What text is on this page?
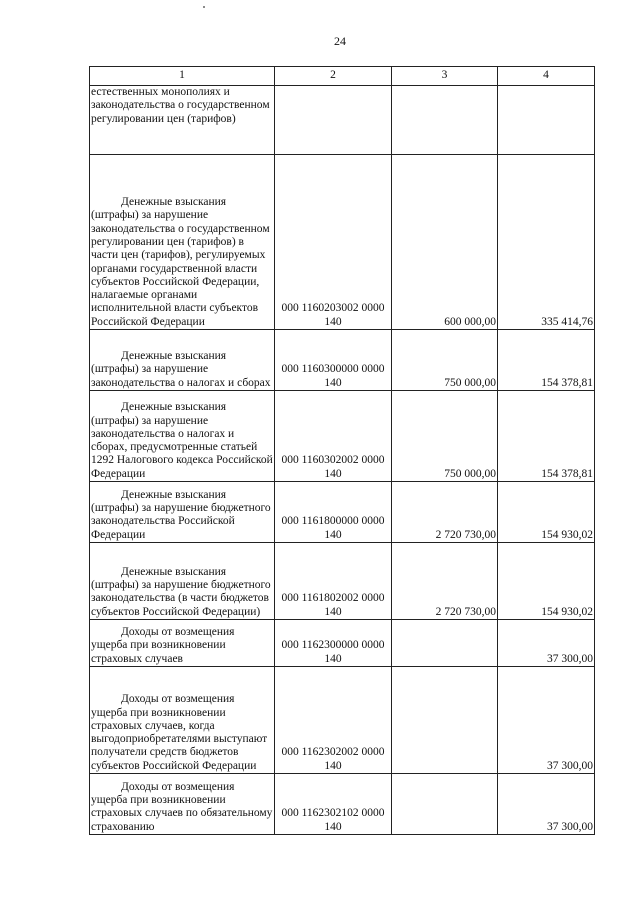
24
1	2	3	4
естественных монополиях и законодательства о государственном регулировании цен (тарифов)			
Денежные взыскания (штрафы) за нарушение законодательства о государственном регулировании цен (тарифов) в части цен (тарифов), регулируемых органами государственной власти субъектов Российской Федерации, налагаемые органами исполнительной власти субъектов Российской Федерации	000 1160203002 0000 140	600 000,00	335 414,76
Денежные взыскания (штрафы) за нарушение законодательства о налогах и сборах	000 1160300000 0000 140	750 000,00	154 378,81
Денежные взыскания (штрафы) за нарушение законодательства о налогах и сборах, предусмотренные статьей 1292 Налогового кодекса Российской Федерации	000 1160302002 0000 140	750 000,00	154 378,81
Денежные взыскания (штрафы) за нарушение бюджетного законодательства Российской Федерации	000 1161800000 0000 140	2 720 730,00	154 930,02
Денежные взыскания (штрафы) за нарушение бюджетного законодательства (в части бюджетов субъектов Российской Федерации)	000 1161802002 0000 140	2 720 730,00	154 930,02
Доходы от возмещения ущерба при возникновении страховых случаев	000 1162300000 0000 140		37 300,00
Доходы от возмещения ущерба при возникновении страховых случаев, когда выгодоприобретателями выступают получатели средств бюджетов субъектов Российской Федерации	000 1162302002 0000 140		37 300,00
Доходы от возмещения ущерба при возникновении страховых случаев по обязательному страхованию	000 1162302102 0000 140		37 300,00
